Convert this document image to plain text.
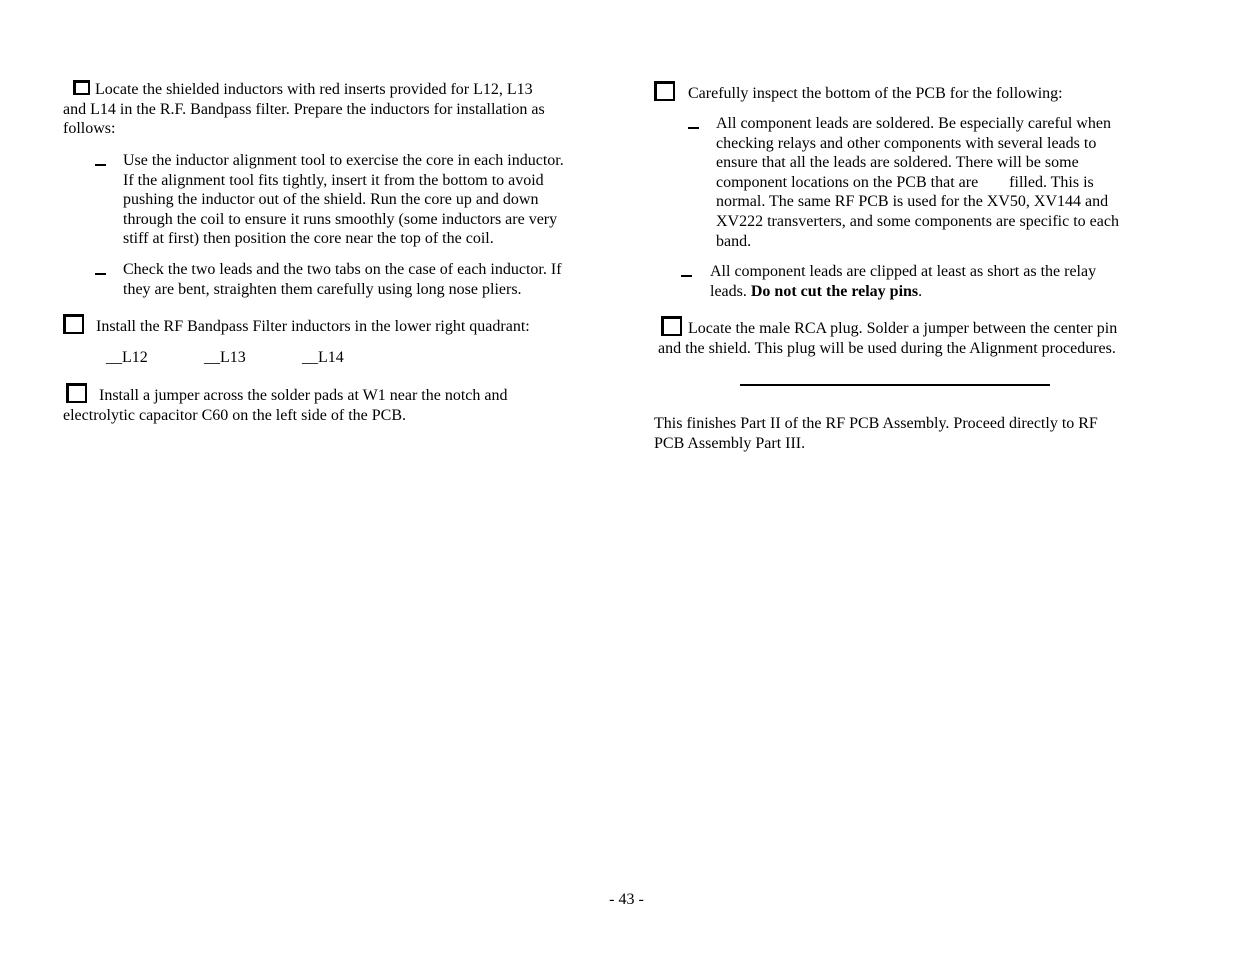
Locate the shielded inductors with red inserts provided for L12, L13
and L14 in the R.F. Bandpass filter. Prepare the inductors for installation as
follows:
Use the inductor alignment tool to exercise the core in each inductor.
If the alignment tool fits tightly, insert it from the bottom to avoid
pushing the inductor out of the shield. Run the core up and down
through the coil to ensure it runs smoothly (some inductors are very
stiff at first) then position the core near the top of the coil.
Check the two leads and the two tabs on the case of each inductor. If
they are bent, straighten them carefully using long nose pliers.
Install the RF Bandpass Filter inductors in the lower right quadrant:
__L12	__L13	__L14
Install a jumper across the solder pads at W1 near the notch and
electrolytic capacitor C60 on the left side of the PCB.
Carefully inspect the bottom of the PCB for the following:
All component leads are soldered. Be especially careful when
checking relays and other components with several leads to
ensure that all the leads are soldered. There will be some
component locations on the PCB that are filled. This is
normal. The same RF PCB is used for the XV50, XV144 and
XV222 transverters, and some components are specific to each
band.
All component leads are clipped at least as short as the relay
leads. Do not cut the relay pins.
Locate the male RCA plug. Solder a jumper between the center pin
and the shield. This plug will be used during the Alignment procedures.
This finishes Part II of the RF PCB Assembly. Proceed directly to RF
PCB Assembly Part III.
- 43 -
